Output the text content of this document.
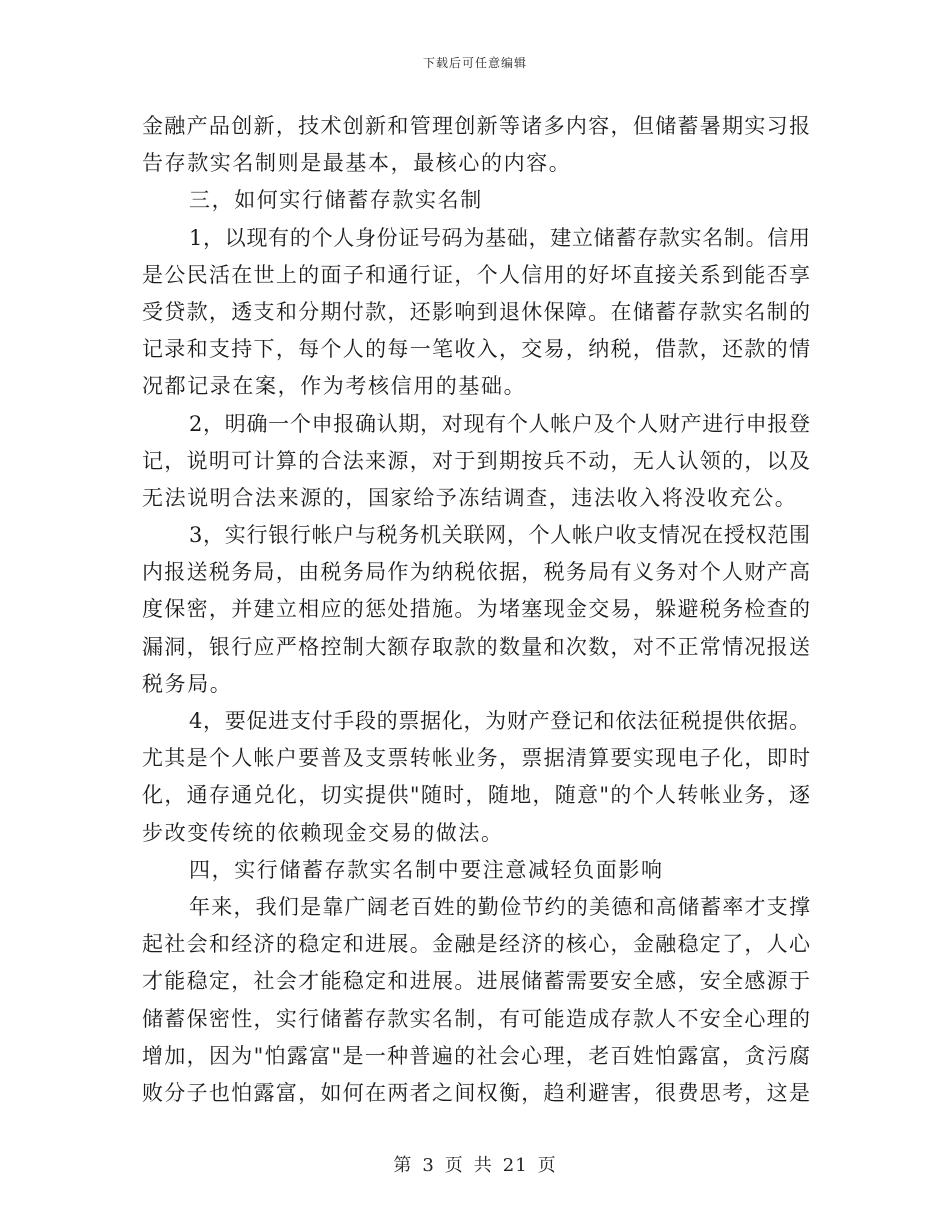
下载后可任意编辑
金融产品创新，技术创新和管理创新等诸多内容，但储蓄暑期实习报
告存款实名制则是最基本，最核心的内容。
三，如何实行储蓄存款实名制
1，以现有的个人身份证号码为基础，建立储蓄存款实名制。信用
是公民活在世上的面子和通行证，个人信用的好坏直接关系到能否享
受贷款，透支和分期付款，还影响到退休保障。在储蓄存款实名制的
记录和支持下，每个人的每一笔收入，交易，纳税，借款，还款的情
况都记录在案，作为考核信用的基础。
2，明确一个申报确认期，对现有个人帐户及个人财产进行申报登
记，说明可计算的合法来源，对于到期按兵不动，无人认领的，以及
无法说明合法来源的，国家给予冻结调查，违法收入将没收充公。
3，实行银行帐户与税务机关联网，个人帐户收支情况在授权范围
内报送税务局，由税务局作为纳税依据，税务局有义务对个人财产高
度保密，并建立相应的惩处措施。为堵塞现金交易，躲避税务检查的
漏洞，银行应严格控制大额存取款的数量和次数，对不正常情况报送
税务局。
4，要促进支付手段的票据化，为财产登记和依法征税提供依据。
尤其是个人帐户要普及支票转帐业务，票据清算要实现电子化，即时
化，通存通兑化，切实提供"随时，随地，随意"的个人转帐业务，逐
步改变传统的依赖现金交易的做法。
四，实行储蓄存款实名制中要注意减轻负面影响
年来，我们是靠广阔老百姓的勤俭节约的美德和高储蓄率才支撑
起社会和经济的稳定和进展。金融是经济的核心，金融稳定了，人心
才能稳定，社会才能稳定和进展。进展储蓄需要安全感，安全感源于
储蓄保密性，实行储蓄存款实名制，有可能造成存款人不安全心理的
增加，因为"怕露富"是一种普遍的社会心理，老百姓怕露富，贪污腐
败分子也怕露富，如何在两者之间权衡，趋利避害，很费思考，这是
第 3 页 共 21 页
